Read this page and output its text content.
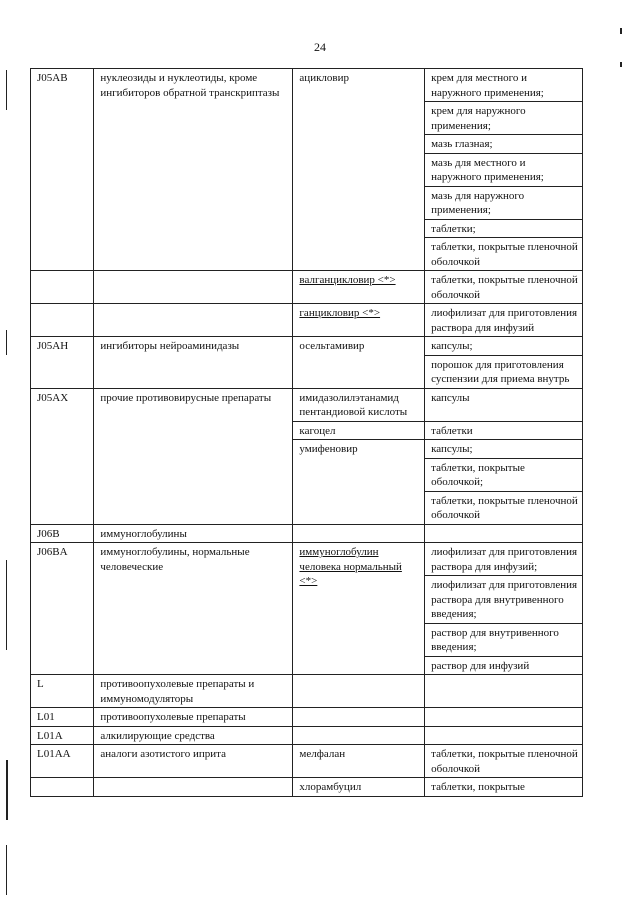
24
J05AB	нуклеозиды и нуклеотиды, кроме ингибиторов обратной транскриптазы	ацикловир	крем для местного и наружного применения;
			крем для наружного применения;
			мазь глазная;
			мазь для местного и наружного применения;
			мазь для наружного применения;
			таблетки;
			таблетки, покрытые пленочной оболочкой
		валганцикловир <*>	таблетки, покрытые пленочной оболочкой
		ганцикловир <*>	лиофилизат для приготовления раствора для инфузий
J05AH	ингибиторы нейроаминидазы	осельтамивир	капсулы;
			порошок для приготовления суспензии для приема внутрь
J05AX	прочие противовирусные препараты	имидазолилэтанамид пентандиовой кислоты	капсулы
		кагоцел	таблетки
		умифеновир	капсулы;
			таблетки, покрытые оболочкой;
			таблетки, покрытые пленочной оболочкой
J06B	иммуноглобулины		
J06BA	иммуноглобулины, нормальные человеческие	иммуноглобулин человека нормальный <*>	лиофилизат для приготовления раствора для инфузий;
			лиофилизат для приготовления раствора для внутривенного введения;
			раствор для внутривенного введения;
			раствор для инфузий
L	противоопухолевые препараты и иммуномодуляторы		
L01	противоопухолевые препараты		
L01A	алкилирующие средства		
L01AA	аналоги азотистого иприта	мелфалан	таблетки, покрытые пленочной оболочкой
		хлорамбуцил	таблетки, покрытые
